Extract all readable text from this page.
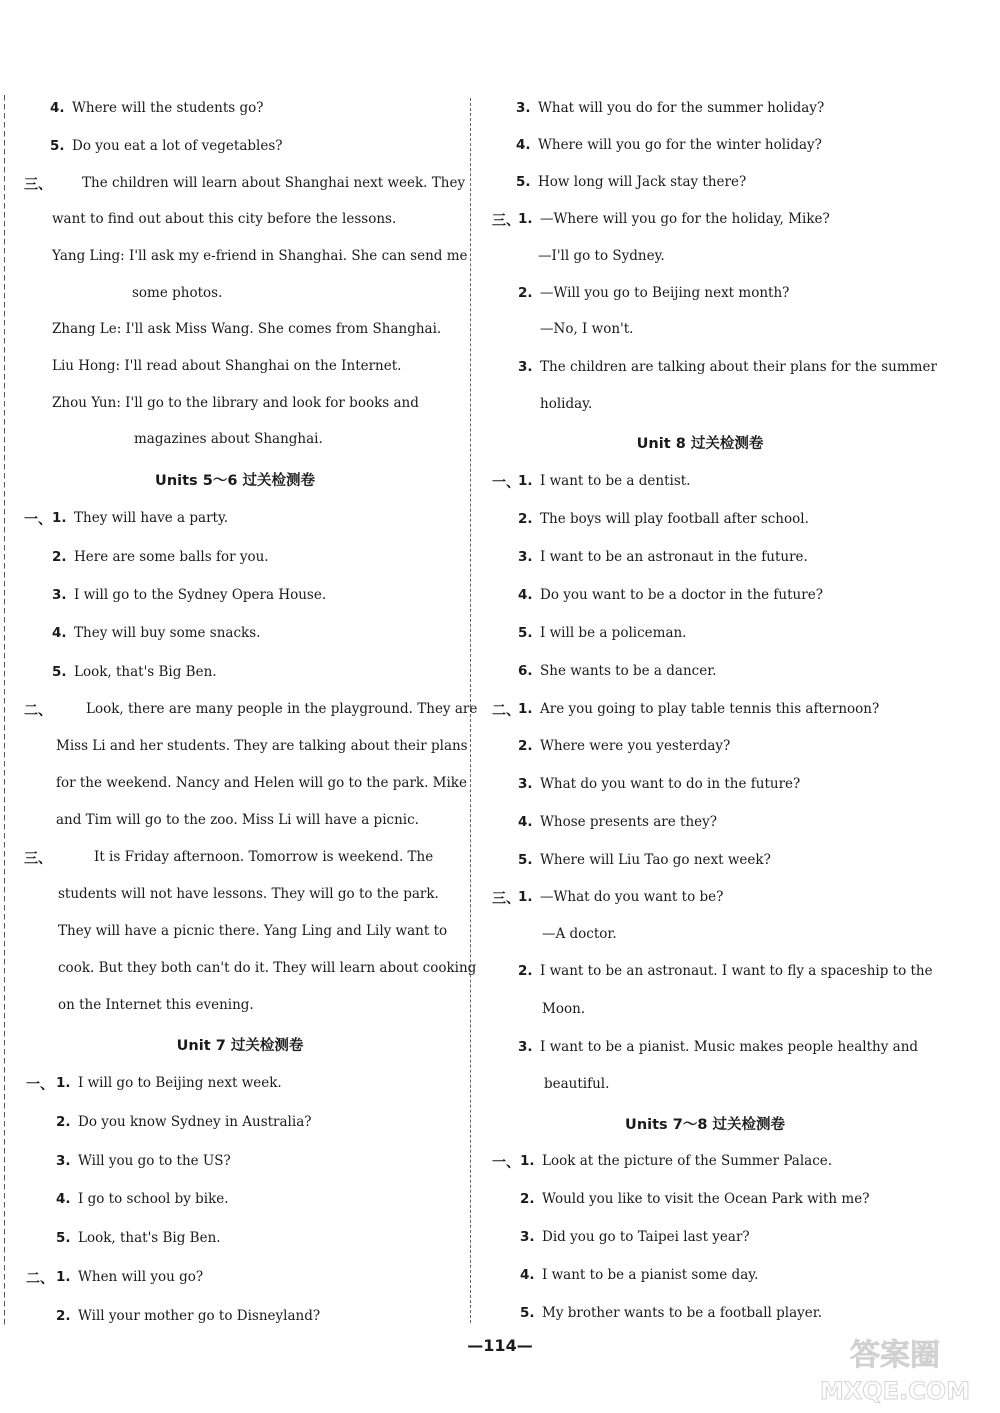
4. Where will the students go?
5. Do you eat a lot of vegetables?
三、 The children will learn about Shanghai next week. They
want to find out about this city before the lessons.
Yang Ling: I'll ask my e-friend in Shanghai. She can send me
some photos.
Zhang Le: I'll ask Miss Wang. She comes from Shanghai.
Liu Hong: I'll read about Shanghai on the Internet.
Zhou Yun: I'll go to the library and look for books and
magazines about Shanghai.
Units 5～6 过关检测卷
一、 1. They will have a party.
2. Here are some balls for you.
3. I will go to the Sydney Opera House.
4. They will buy some snacks.
5. Look, that's Big Ben.
二、	Look, there are many people in the playground. They are
Miss Li and her students. They are talking about their plans
for the weekend. Nancy and Helen will go to the park. Mike
and Tim will go to the zoo. Miss Li will have a picnic.
三、	It is Friday afternoon. Tomorrow is weekend. The
students will not have lessons. They will go to the park.
They will have a picnic there. Yang Ling and Lily want to
cook. But they both can't do it. They will learn about cooking
on the Internet this evening.
Unit 7 过关检测卷
一、 1. I will go to Beijing next week.
2. Do you know Sydney in Australia?
3. Will you go to the US?
4. I go to school by bike.
5. Look, that's Big Ben.
二、 1. When will you go?
2. Will your mother go to Disneyland?
3. What will you do for the summer holiday?
4. Where will you go for the winter holiday?
5. How long will Jack stay there?
三、
1. —Where will you go for the holiday, Mike?
—I'll go to Sydney.
2. —Will you go to Beijing next month?
—No, I won't.
3. The children are talking about their plans for the summer
holiday.
Unit 8 过关检测卷
一、
1. I want to be a dentist.
2. The boys will play football after school.
3. I want to be an astronaut in the future.
4. Do you want to be a doctor in the future?
5. I will be a policeman.
6. She wants to be a dancer.
二、
1. Are you going to play table tennis this afternoon?
2. Where were you yesterday?
3. What do you want to do in the future?
4. Whose presents are they?
5. Where will Liu Tao go next week?
三、
1. —What do you want to be?
—A doctor.
2. I want to be an astronaut. I want to fly a spaceship to the
Moon.
3. I want to be a pianist. Music makes people healthy and
beautiful.
Units 7～8 过关检测卷
一、 1. Look at the picture of the Summer Palace.
2. Would you like to visit the Ocean Park with me?
3. Did you go to Taipei last year?
4. I want to be a pianist some day.
5. My brother wants to be a football player.
—114—	答案圈
MXQE.COM
